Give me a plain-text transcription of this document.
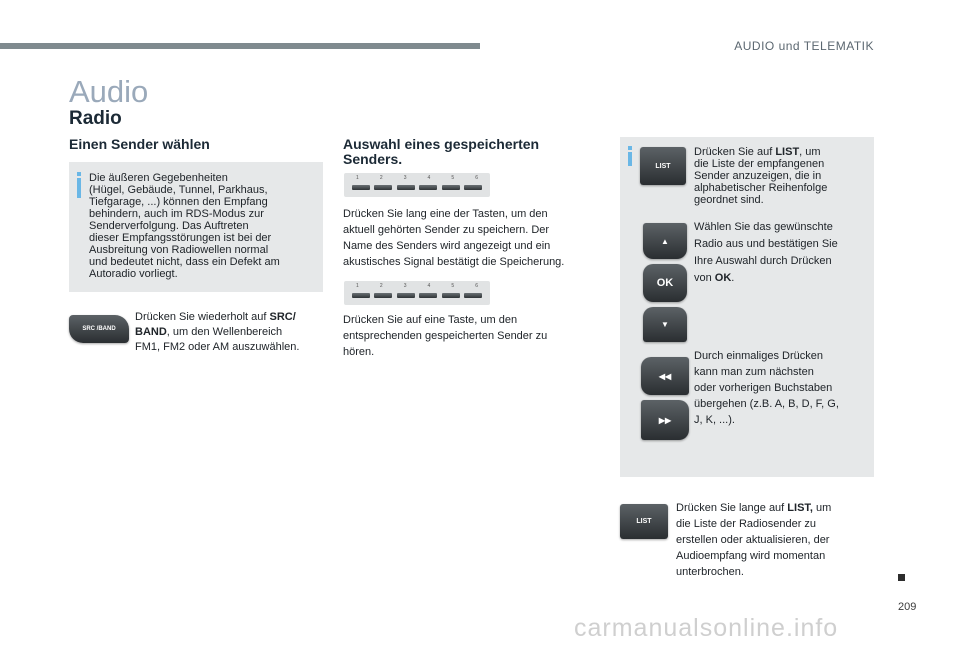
AUDIO und TELEMATIK
Audio
Radio
Einen Sender wählen
Die äußeren Gegebenheiten
(Hügel, Gebäude, Tunnel, Parkhaus,
Tiefgarage, ...) können den Empfang
behindern, auch im RDS-Modus zur
Senderverfolgung. Das Auftreten
dieser Empfangsstörungen ist bei der
Ausbreitung von Radiowellen normal
und bedeutet nicht, dass ein Defekt am
Autoradio vorliegt.
SRC /BAND
Drücken Sie wiederholt auf SRC/
BAND, um den Wellenbereich
FM1, FM2 oder AM auszuwählen.
Auswahl eines gespeicherten
Senders.
1	2	3	4	5	6
Drücken Sie lang eine der Tasten, um den
aktuell gehörten Sender zu speichern. Der
Name des Senders wird angezeigt und ein
akustisches Signal bestätigt die Speicherung.
1	2	3	4	5	6
Drücken Sie auf eine Taste, um den
entsprechenden gespeicherten Sender zu
hören.
LIST
Drücken Sie auf LIST, um
die Liste der empfangenen
Sender anzuzeigen, die in
alphabetischer Reihenfolge
geordnet sind.
▲
OK
▼
Wählen Sie das gewünschte
Radio aus und bestätigen Sie
Ihre Auswahl durch Drücken
von OK.
◀◀
▶▶
Durch einmaliges Drücken
kann man zum nächsten
oder vorherigen Buchstaben
übergehen (z.B. A, B, D, F, G,
J, K, ...).
LIST
Drücken Sie lange auf LIST, um
die Liste der Radiosender zu
erstellen oder aktualisieren, der
Audioempfang wird momentan
unterbrochen.
209
carmanualsonline.info
